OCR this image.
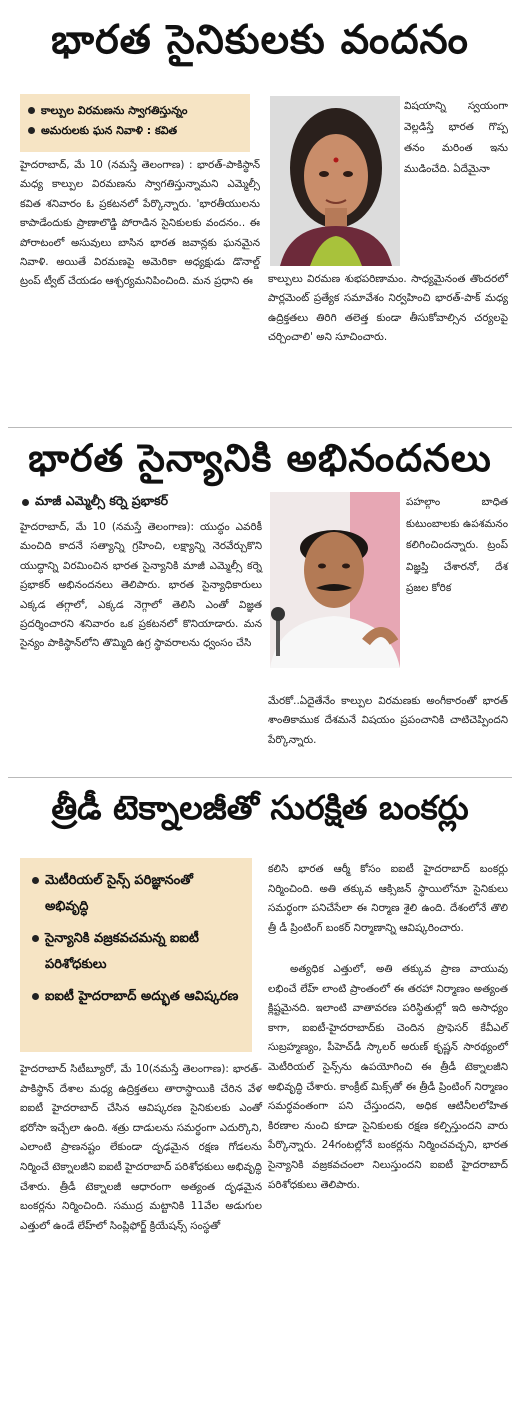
భారత సైనికులకు వందనం
కాల్పుల విరమణను స్వాగతిస్తున్నం
అమరులకు ఘన నివాళి : కవిత
విషయాన్ని స్వయంగా వెల్లడిస్తే భారత గొప్ప తనం మరింత ఇను ముడించేది. ఏదేమైనా
హైదరాబాద్, మే 10 (నమస్తే తెలంగాణ) : భారత్-పాకిస్థాన్ మధ్య కాల్పుల విరమణను స్వాగతిస్తున్నామని ఎమ్మెల్సీ కవిత శనివారం ఓ ప్రకటనలో పేర్కొన్నారు. 'భారతీయులను కాపాడేందుకు ప్రాణాలొడ్డి పోరాడిన సైనికులకు వందనం.. ఈ పోరాటంలో అసువులు బాసిన భారత జవాన్లకు ఘనమైన నివాళి. అయితే విరమణపై అమెరికా అధ్యక్షుడు డొనాల్డ్ ట్రంప్ ట్వీట్ చేయడం ఆశ్చర్యమనిపించింది. మన ప్రధాని ఈ	కాల్పులు విరమణ శుభపరిణామం. సాధ్యమైనంత తొందరలో పార్లమెంట్ ప్రత్యేక సమావేశం నిర్వహించి భారత్-పాక్ మధ్య ఉద్రిక్తతలు తిరిగి తలెత్త కుండా తీసుకోవాల్సిన చర్యలపై చర్చించాలి' అని సూచించారు.
భారత సైన్యానికి అభినందనలు
మాజీ ఎమ్మెల్సీ కర్నె ప్రభాకర్	పహల్గాం బాధిత కుటుంబాలకు ఉపశమనం కలిగించిందన్నారు. ట్రంప్ విజ్ఞప్తి చేశారనో, దేశ ప్రజల కోరిక
హైదరాబాద్, మే 10 (నమస్తే తెలంగాణ): యుద్ధం ఎవరికీ మంచిది కాదనే సత్యాన్ని గ్రహించి, లక్ష్యాన్ని నెరవేర్చుకొని యుద్ధాన్ని విరమించిన భారత సైన్యానికి మాజీ ఎమ్మెల్సీ కర్నె ప్రభాకర్ అభినందనలు తెలిపారు. భారత సైన్యాధికారులు ఎక్కడ తగ్గాలో, ఎక్కడ నెగ్గాలో తెలిసి ఎంతో విజ్ఞత ప్రదర్శించారని శనివారం ఒక ప్రకటనలో కొనియాడారు. మన సైన్యం పాకిస్థాన్‌లోని తొమ్మిది ఉగ్ర స్థావరాలను ధ్వంసం చేసి
మేరకో..ఏదైతేనేం కాల్పుల విరమణకు అంగీకారంతో భారత్ శాంతికాముక దేశమనే విషయం ప్రపంచానికి చాటిచెప్పిందని పేర్కొన్నారు.
త్రీడీ టెక్నాలజీతో సురక్షిత బంకర్లు
మెటీరియల్ సైన్స్ పరిజ్ఞానంతో అభివృద్ధి
సైన్యానికి వజ్రకవచమన్న ఐఐటీ పరిశోధకులు
ఐఐటీ హైదరాబాద్ అద్భుత ఆవిష్కరణ
హైదరాబాద్ సిటీబ్యూరో, మే 10(నమస్తే తెలంగాణ): భారత్-పాకిస్థాన్ దేశాల మధ్య ఉద్రిక్తతలు తారాస్థాయికి చేరిన వేళ ఐఐటీ హైదరాబాద్ చేసిన ఆవిష్కరణ సైనికులకు ఎంతో భరోసా ఇచ్చేలా ఉంది. శత్రు దాడులను సమర్థంగా ఎదుర్కొని, ఎలాంటి ప్రాణనష్టం లేకుండా దృఢమైన రక్షణ గోడలను నిర్మించే టెక్నాలజీని ఐఐటీ హైదరాబాద్ పరిశోధకులు అభివృద్ధి చేశారు. త్రీడీ టెక్నాలజీ ఆధారంగా అత్యంత దృఢమైన బంకర్లను నిర్మించింది. సముద్ర మట్టానికి 11వేల అడుగుల ఎత్తులో ఉండే లేహ్‌లో సింప్లిఫోర్జ్ క్రియేషన్స్ సంస్థతో
కలిసి భారత ఆర్మీ కోసం ఐఐటీ హైదరాబాద్ బంకర్లు నిర్మించింది. అతి తక్కువ ఆక్సిజన్ స్థాయిలోనూ సైనికులు సమర్థంగా పనిచేసేలా ఈ నిర్మాణ శైలి ఉంది. దేశంలోనే తొలి త్రీ డీ ప్రింటింగ్ బంకర్ నిర్మాణాన్ని ఆవిష్కరించారు.
అత్యధిక ఎత్తులో, అతి తక్కువ ప్రాణ వాయువు లభించే లేహ్ లాంటి ప్రాంతంలో ఈ తరహా నిర్మాణం అత్యంత క్లిష్టమైనది. ఇలాంటి వాతావరణ పరిస్థితుల్లో ఇది అసాధ్యం కాగా, ఐఐటీ-హైదరాబాద్‌కు చెందిన ప్రొఫెసర్ కేవీఎల్ సుబ్రహ్మణ్యం, పీహెచ్‌డీ స్కాలర్ అరుణ్ కృష్ణన్ సారథ్యంలో మెటీరియల్ సైన్స్‌ను ఉపయోగించి ఈ త్రీడీ టెక్నాలజీని అభివృద్ధి చేశారు. కాంక్రీట్ మిక్స్‌తో ఈ త్రీడీ ప్రింటింగ్ నిర్మాణం సమర్థవంతంగా పని చేస్తుందని, అధిక ఆటినీలలోహిత కిరణాల నుంచి కూడా సైనికులకు రక్షణ కల్పిస్తుందని వారు పేర్కొన్నారు. 24గంటల్లోనే బంకర్లను నిర్మించవచ్చని, భారత సైన్యానికి వజ్రకవచంలా నిలుస్తుందని ఐఐటీ హైదరాబాద్ పరిశోధకులు తెలిపారు.
